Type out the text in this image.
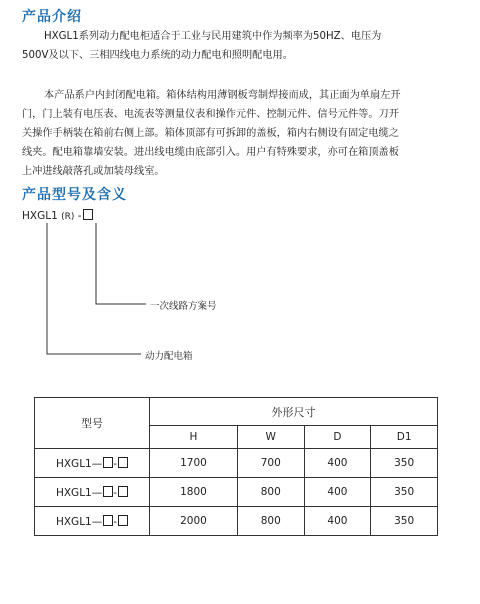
产品介绍
HXGL1系列动力配电柜适合于工业与民用建筑中作为频率为50HZ、电压为
500V及以下、三相四线电力系统的动力配电和照明配电用。
本产品系户内封闭配电箱。箱体结构用薄钢板弯制焊接而成，其正面为单扇左开
门，门上装有电压表、电流表等测量仪表和操作元件、控制元件、信号元件等。刀开
关操作手柄装在箱前右侧上部。箱体顶部有可拆卸的盖板，箱内右侧设有固定电缆之
线夹。配电箱靠墙安装。进出线电缆由底部引入。用户有特殊要求，亦可在箱顶盖板
上冲进线敲落孔或加装母线室。
产品型号及含义
HXGL1 (R) -
一次线路方案号
动力配电箱
型号	外形尺寸			
	H	W	D	D1
HXGL1— -	1700	700	400	350
HXGL1— -	1800	800	400	350
HXGL1— -	2000	800	400	350
